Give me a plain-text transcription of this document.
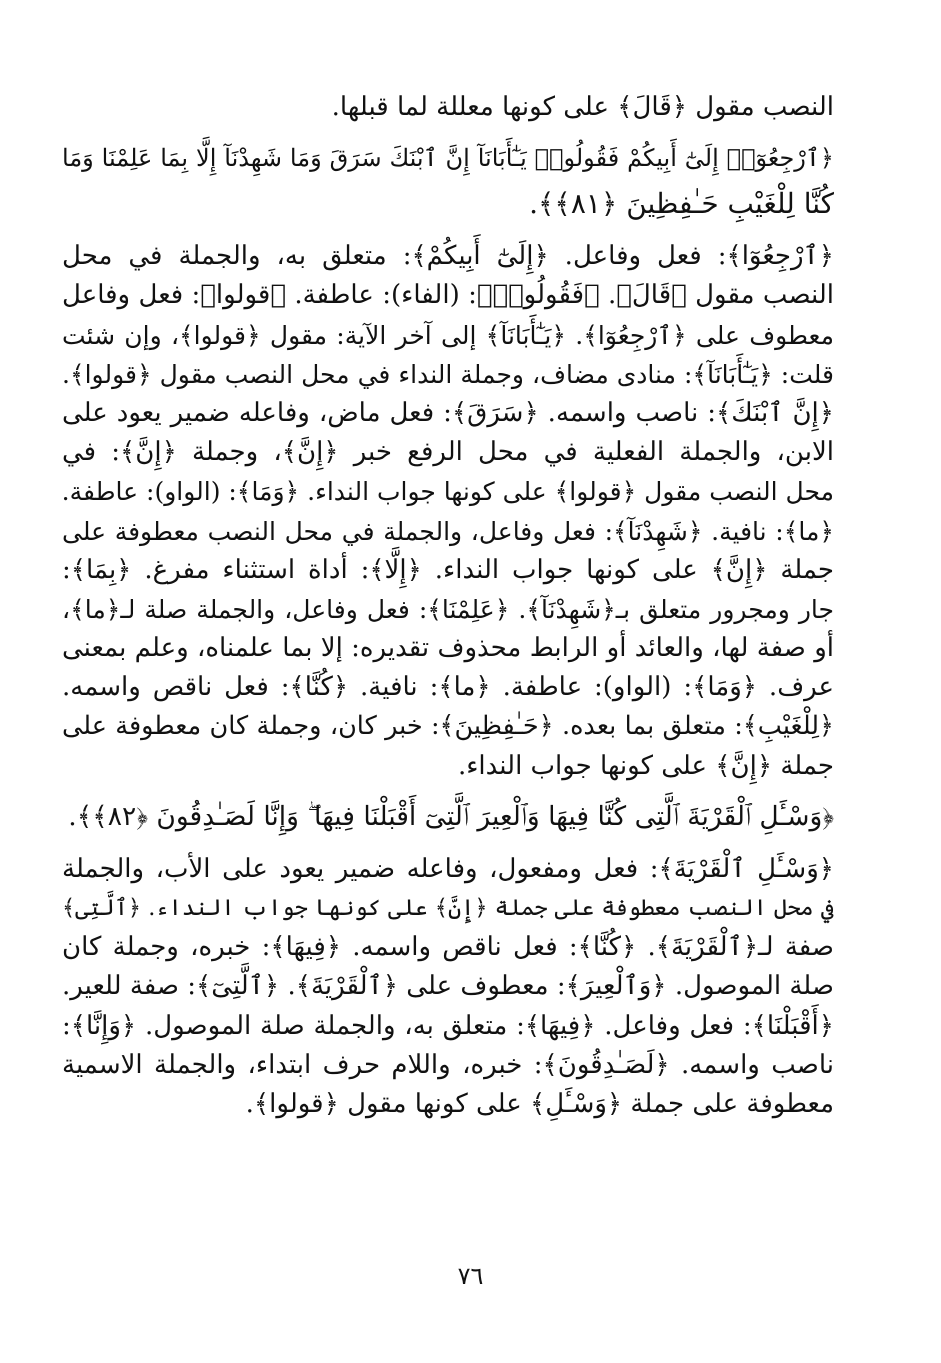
النصب مقول ﴿قَالَ﴾ على كونها معللة لما قبلها.
﴿ٱرْجِعُوٓا۟ إِلَىٰٓ أَبِيكُمْ فَقُولُوا۟ يَـٰٓأَبَانَآ إِنَّ ٱبْنَكَ سَرَقَ وَمَا شَهِدْنَآ إِلَّا بِمَا عَلِمْنَا وَمَا
كُنَّا لِلْغَيْبِ حَـٰفِظِينَ ﴿٨١﴾﴾.
﴿ٱرْجِعُوٓا﴾: فعل وفاعل. ﴿إِلَىٰٓ أَبِيكُمْ﴾: متعلق به، والجملة في محل
النصب مقول ﴿قَالَ﴾. ﴿فَقُولُوا۟﴾: (الفاء): عاطفة. ﴿قولوا﴾: فعل وفاعل
معطوف على ﴿ٱرْجِعُوٓا﴾. ﴿يَـٰٓأَبَانَآ﴾ إلى آخر الآية: مقول ﴿قولوا﴾، وإن شئت
قلت: ﴿يَـٰٓأَبَانَآ﴾: منادى مضاف، وجملة النداء في محل النصب مقول ﴿قولوا﴾.
﴿إِنَّ ٱبْنَكَ﴾: ناصب واسمه. ﴿سَرَقَ﴾: فعل ماض، وفاعله ضمير يعود على
الابن، والجملة الفعلية في محل الرفع خبر ﴿إِنَّ﴾، وجملة ﴿إِنَّ﴾: في
محل النصب مقول ﴿قولوا﴾ على كونها جواب النداء. ﴿وَمَا﴾: (الواو): عاطفة.
﴿ما﴾: نافية. ﴿شَهِدْنَآ﴾: فعل وفاعل، والجملة في محل النصب معطوفة على
جملة ﴿إِنَّ﴾ على كونها جواب النداء. ﴿إِلَّا﴾: أداة استثناء مفرغ. ﴿بِمَا﴾:
جار ومجرور متعلق بـ﴿شَهِدْنَآ﴾. ﴿عَلِمْنَا﴾: فعل وفاعل، والجملة صلة لـ﴿ما﴾،
أو صفة لها، والعائد أو الرابط محذوف تقديره: إلا بما علمناه، وعلم بمعنى
عرف. ﴿وَمَا﴾: (الواو): عاطفة. ﴿ما﴾: نافية. ﴿كُنَّا﴾: فعل ناقص واسمه.
﴿لِلْغَيْبِ﴾: متعلق بما بعده. ﴿حَـٰفِظِينَ﴾: خبر كان، وجملة كان معطوفة على
جملة ﴿إِنَّ﴾ على كونها جواب النداء.
﴿وَسْـَٔلِ ٱلْقَرْيَةَ ٱلَّتِى كُنَّا فِيهَا وَٱلْعِيرَ ٱلَّتِىٓ أَقْبَلْنَا فِيهَا ۖ وَإِنَّا لَصَـٰدِقُونَ ﴿٨٢﴾﴾.
﴿وَسْـَٔلِ ٱلْقَرْيَةَ﴾: فعل ومفعول، وفاعله ضمير يعود على الأب، والجملة
في محل النصب معطوفة على جملة ﴿إِنَّ﴾ على كونها جواب النداء. ﴿ٱلَّتِى﴾
صفة لـ﴿ٱلْقَرْيَةَ﴾. ﴿كُنَّا﴾: فعل ناقص واسمه. ﴿فِيهَا﴾: خبره، وجملة كان
صلة الموصول. ﴿وَٱلْعِيرَ﴾: معطوف على ﴿ٱلْقَرْيَةَ﴾. ﴿ٱلَّتِىٓ﴾: صفة للعير.
﴿أَقْبَلْنَا﴾: فعل وفاعل. ﴿فِيهَا﴾: متعلق به، والجملة صلة الموصول. ﴿وَإِنَّا﴾:
ناصب واسمه. ﴿لَصَـٰدِقُونَ﴾: خبره، واللام حرف ابتداء، والجملة الاسمية
معطوفة على جملة ﴿وَسْـَٔلِ﴾ على كونها مقول ﴿قولوا﴾.
٧٦
